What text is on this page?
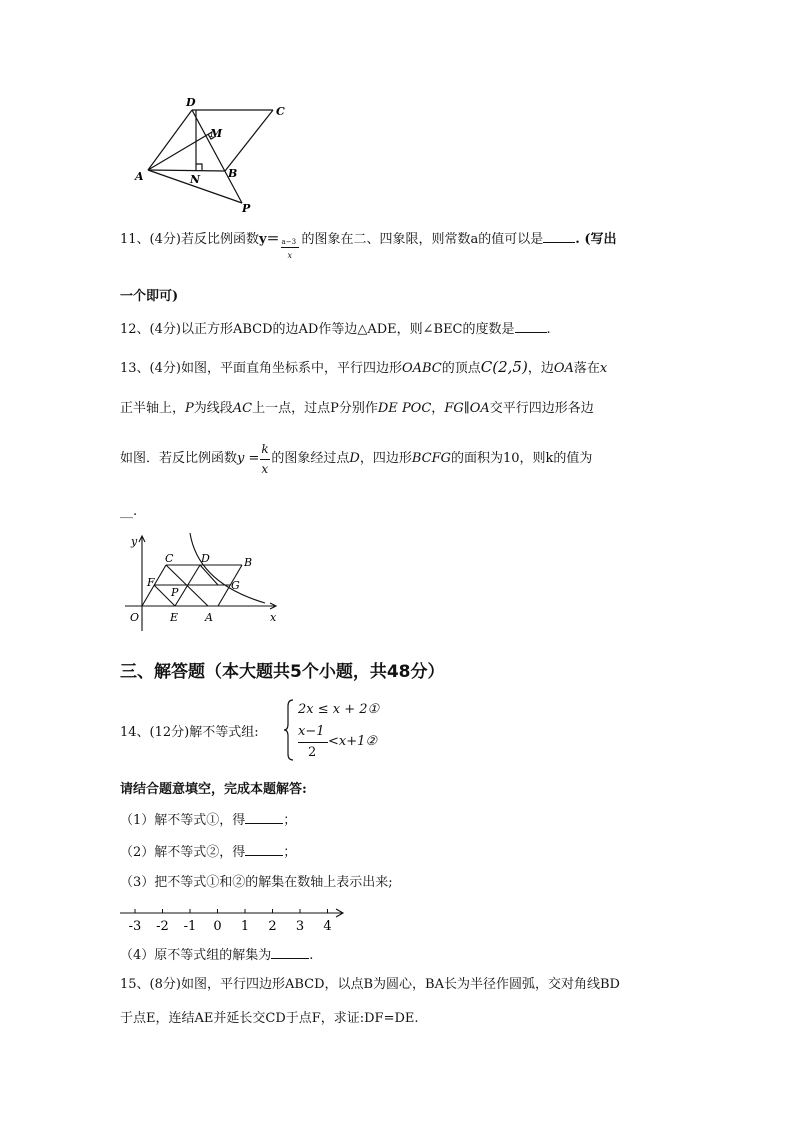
D
C
M
A	N	B
P
11、(4分)若反比例函数$y= \frac{a-3}{x}$ 的图象在二、四象限，则常数a的值可以是 . (写出
一个即可)
12、(4分)以正方形ABCD的边AD作等边△ADE，则∠BEC的度数是 .
13、(4分)如图，平面直角坐标系中，平行四边形OABC的顶点C(2,5)，边OA落在x
正半轴上，P为线段AC上一点，过点P分别作DE POC，FG∥OA交平行四边形各边
如图．若反比例函数$y = \frac{k}{x}$ 的图象经过点D，四边形BCFG的面积为10，则k的值为
__.
y
C	D	B
F
P
G
O	E A	x
三、解答题（本大题共5个小题，共48分）
14、(12分)解不等式组:
2x ≤ x + 2①
x−1
2
<x+1②
请结合题意填空，完成本题解答:
（1）解不等式①，得	；
（2）解不等式②，得	；
（3）把不等式①和②的解集在数轴上表示出来;
-3 -2 -1 0 1 2 3 4
（4）原不等式组的解集为	.
15、(8分)如图，平行四边形ABCD，以点B为圆心，BA长为半径作圆弧，交对角线BD
于点E，连结AE并延长交CD于点F，求证:DF=DE.
